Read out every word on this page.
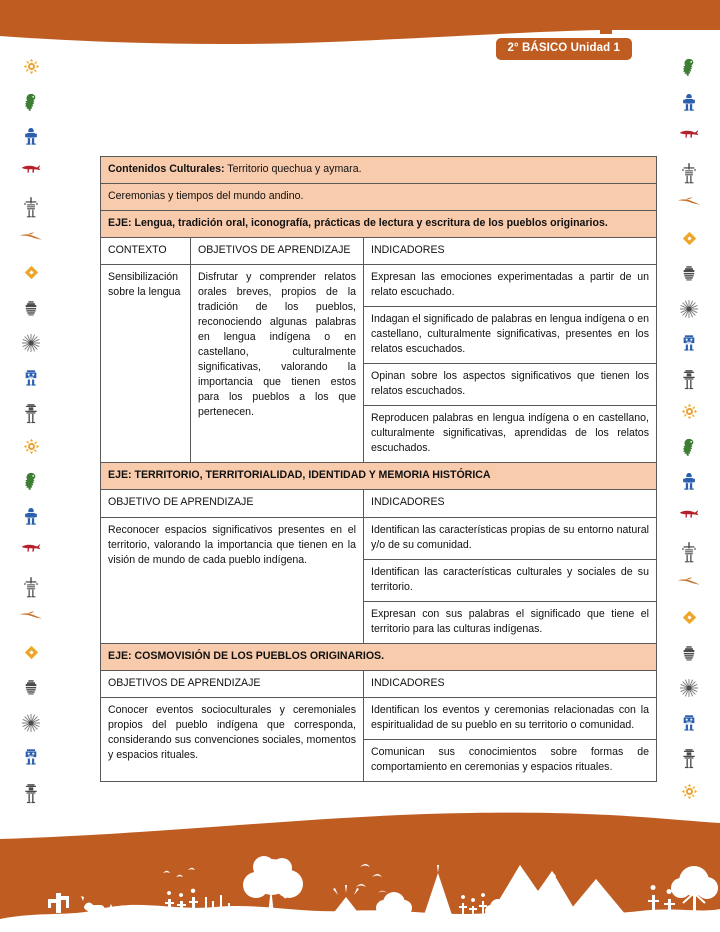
2° BÁSICO Unidad 1
Contenidos Culturales: Territorio quechua y aymara.		
Ceremonias y tiempos del mundo andino.		
EJE: Lengua, tradición oral, iconografía, prácticas de lectura y escritura de los pueblos originarios.		
CONTEXTO	OBJETIVOS DE APRENDIZAJE	INDICADORES
Sensibilización sobre la lengua	Disfrutar y comprender relatos orales breves, propios de la tradición de los pueblos, reconociendo algunas palabras en lengua indígena o en castellano, culturalmente significativas, valorando la importancia que tienen estos para los pueblos a los que pertenecen.	Expresan las emociones experimentadas a partir de un relato escuchado.
		Indagan el significado de palabras en lengua indígena o en castellano, culturalmente significativas, presentes en los relatos escuchados.
		Opinan sobre los aspectos significativos que tienen los relatos escuchados.
		Reproducen palabras en lengua indígena o en castellano, culturalmente significativas, aprendidas de los relatos escuchados.
EJE: TERRITORIO, TERRITORIALIDAD, IDENTIDAD Y MEMORIA HISTÓRICA		
OBJETIVO DE APRENDIZAJE		INDICADORES
Reconocer espacios significativos presentes en el territorio, valorando la importancia que tienen en la visión de mundo de cada pueblo indígena.		Identifican las características propias de su entorno natural y/o de su comunidad.
		Identifican las características culturales y sociales de su territorio.
		Expresan con sus palabras el significado que tiene el territorio para las culturas indígenas.
EJE: COSMOVISIÓN DE LOS PUEBLOS ORIGINARIOS.		
OBJETIVOS DE APRENDIZAJE		INDICADORES
Conocer eventos socioculturales y ceremoniales propios del pueblo indígena que corresponda, considerando sus convenciones sociales, momentos y espacios rituales.		Identifican los eventos y ceremonias relacionadas con la espiritualidad de su pueblo en su territorio o comunidad.
		Comunican sus conocimientos sobre formas de comportamiento en ceremonias y espacios rituales.
